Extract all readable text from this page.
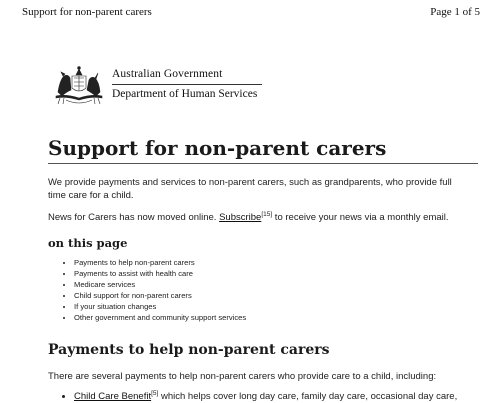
Support for non-parent carers	Page 1 of 5
Australian Government
Department of Human Services
Support for non-parent carers

We provide payments and services to non-parent carers, such as grandparents, who provide full time care for a child.

News for Carers has now moved online. Subscribe[15] to receive your news via a monthly email.

on this page
• Payments to help non-parent carers
• Payments to assist with health care
• Medicare services
• Child support for non-parent carers
• If your situation changes
• Other government and community support services
Payments to help non-parent carers

There are several payments to help non-parent carers who provide care to a child, including:

• Child Care Benefit[5] which helps cover long day care, family day care, occasional day care,
